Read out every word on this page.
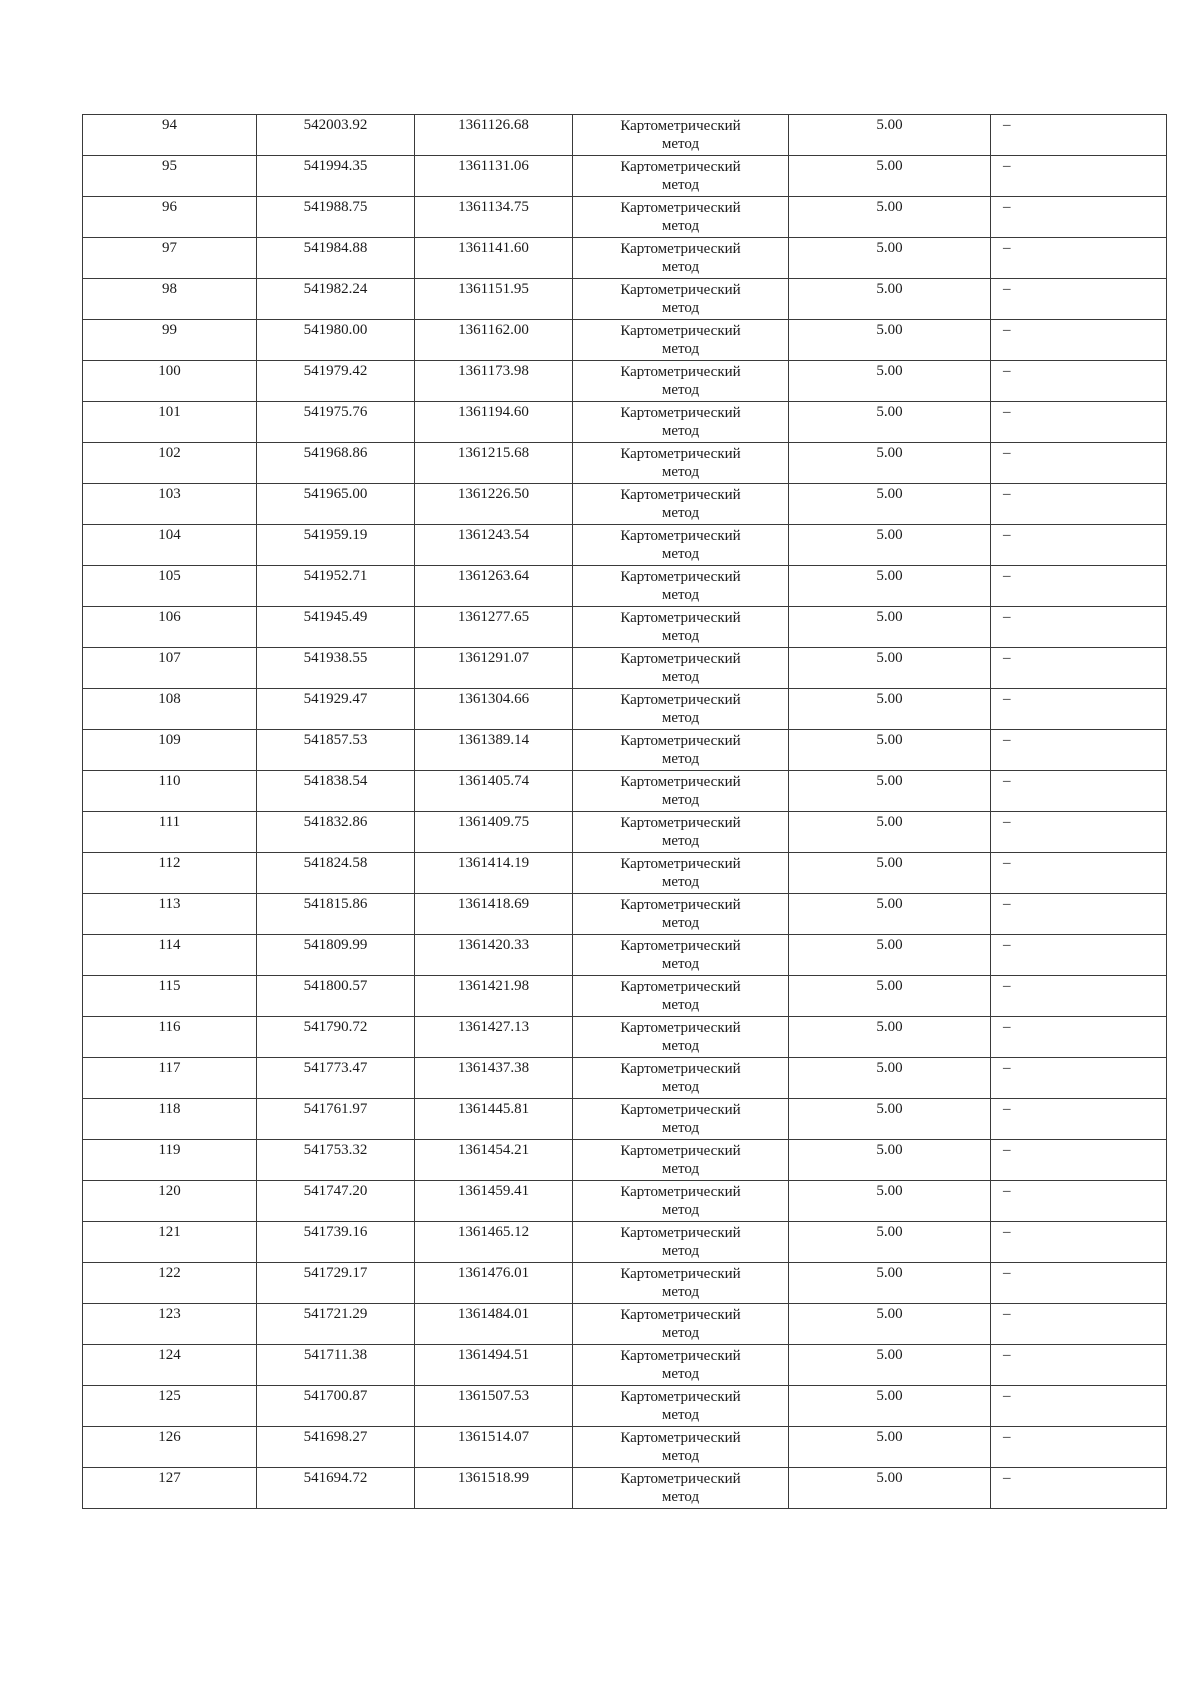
94	542003.92	1361126.68	Картометрический
метод	5.00	–
95	541994.35	1361131.06	Картометрический
метод	5.00	–
96	541988.75	1361134.75	Картометрический
метод	5.00	–
97	541984.88	1361141.60	Картометрический
метод	5.00	–
98	541982.24	1361151.95	Картометрический
метод	5.00	–
99	541980.00	1361162.00	Картометрический
метод	5.00	–
100	541979.42	1361173.98	Картометрический
метод	5.00	–
101	541975.76	1361194.60	Картометрический
метод	5.00	–
102	541968.86	1361215.68	Картометрический
метод	5.00	–
103	541965.00	1361226.50	Картометрический
метод	5.00	–
104	541959.19	1361243.54	Картометрический
метод	5.00	–
105	541952.71	1361263.64	Картометрический
метод	5.00	–
106	541945.49	1361277.65	Картометрический
метод	5.00	–
107	541938.55	1361291.07	Картометрический
метод	5.00	–
108	541929.47	1361304.66	Картометрический
метод	5.00	–
109	541857.53	1361389.14	Картометрический
метод	5.00	–
110	541838.54	1361405.74	Картометрический
метод	5.00	–
111	541832.86	1361409.75	Картометрический
метод	5.00	–
112	541824.58	1361414.19	Картометрический
метод	5.00	–
113	541815.86	1361418.69	Картометрический
метод	5.00	–
114	541809.99	1361420.33	Картометрический
метод	5.00	–
115	541800.57	1361421.98	Картометрический
метод	5.00	–
116	541790.72	1361427.13	Картометрический
метод	5.00	–
117	541773.47	1361437.38	Картометрический
метод	5.00	–
118	541761.97	1361445.81	Картометрический
метод	5.00	–
119	541753.32	1361454.21	Картометрический
метод	5.00	–
120	541747.20	1361459.41	Картометрический
метод	5.00	–
121	541739.16	1361465.12	Картометрический
метод	5.00	–
122	541729.17	1361476.01	Картометрический
метод	5.00	–
123	541721.29	1361484.01	Картометрический
метод	5.00	–
124	541711.38	1361494.51	Картометрический
метод	5.00	–
125	541700.87	1361507.53	Картометрический
метод	5.00	–
126	541698.27	1361514.07	Картометрический
метод	5.00	–
127	541694.72	1361518.99	Картометрический
метод	5.00	–
